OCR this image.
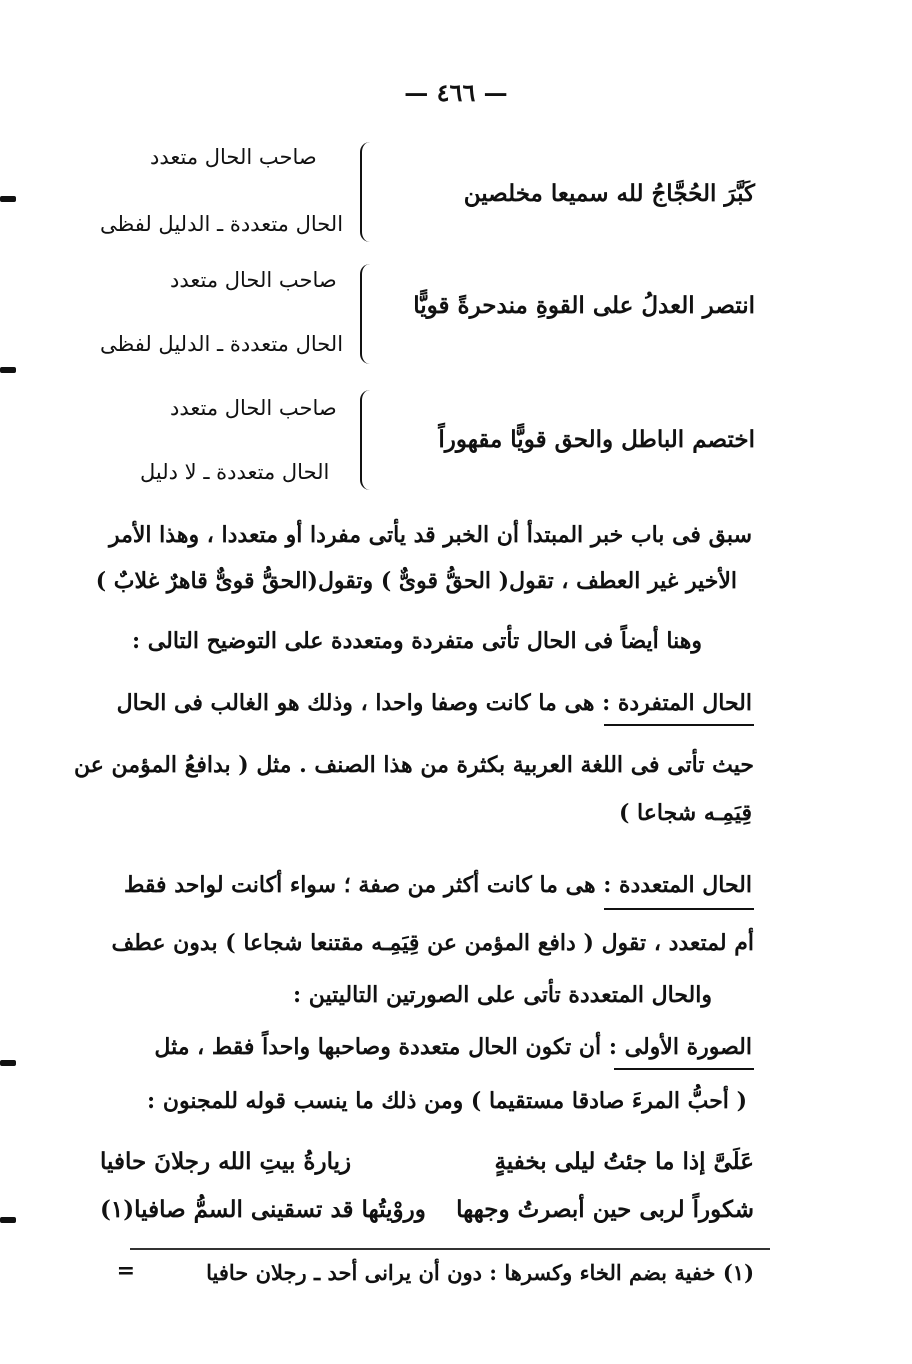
— ٤٦٦ —
كَبَّرَ الحُجَّاجُ لله سميعا مخلصين
صاحب الحال متعدد
الحال متعددة ـ الدليل لفظى
انتصر العدلُ على القوةِ مندحرةً قويًّا
صاحب الحال متعدد
الحال متعددة ـ الدليل لفظى
اختصم الباطل والحق قويًّا مقهوراً
صاحب الحال متعدد
الحال متعددة ـ لا دليل
سبق فى باب خبر المبتدأ أن الخبر قد يأتى مفردا أو متعددا ، وهذا الأمر
الأخير غير العطف ، تقول( الحقُّ قوىٌّ ) وتقول(الحقُّ قوىٌّ قاهرٌ غلابٌ )
وهنا أيضاً فى الحال تأتى متفردة ومتعددة على التوضيح التالى :
الحال المتفردة : هى ما كانت وصفا واحدا ، وذلك هو الغالب فى الحال
حيث تأتى فى اللغة العربية بكثرة من هذا الصنف . مثل ( بدافعُ المؤمن عن
قِيَمِـه شجاعا )
الحال المتعددة : هى ما كانت أكثر من صفة ؛ سواء أكانت لواحد فقط
أم لمتعدد ، تقول ( دافع المؤمن عن قِيَمِـه مقتنعا شجاعا ) بدون عطف
والحال المتعددة تأتى على الصورتين التاليتين :
الصورة الأولى : أن تكون الحال متعددة وصاحبها واحداً فقط ، مثل
( أحبُّ المرءَ صادقا مستقيما ) ومن ذلك ما ينسب قوله للمجنون :
عَلَىَّ إذا ما جئتُ ليلى بخفيةٍ
زيارةُ بيتِ الله رجلانَ حافيا
شكوراً لربى حين أبصرتُ وجهها
وروْيتُها قد تسقينى السمُّ صافيا(١)
(١) خفية بضم الخاء وكسرها : دون أن يرانى أحد ـ رجلان حافيا
=
